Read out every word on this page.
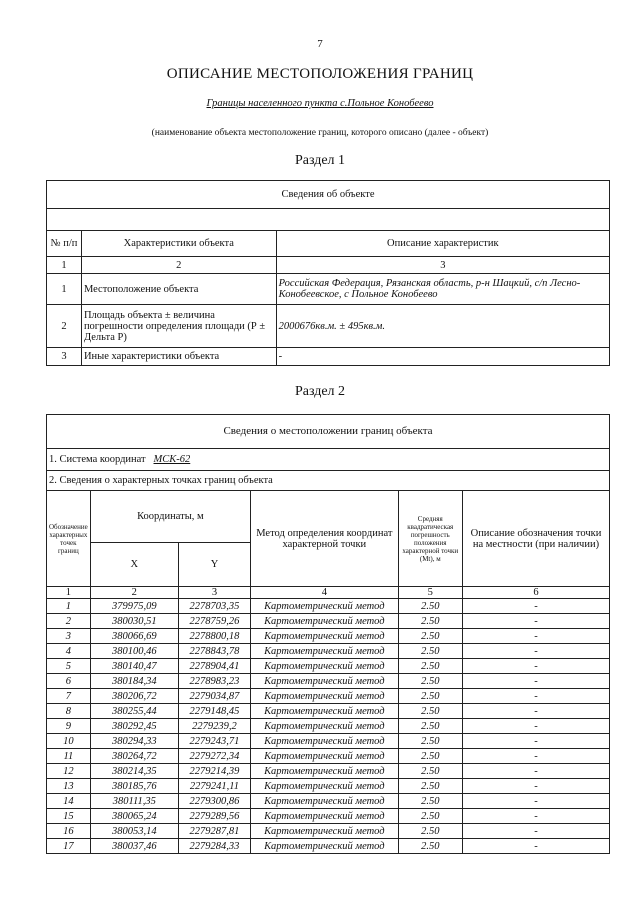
7
ОПИСАНИЕ МЕСТОПОЛОЖЕНИЯ ГРАНИЦ
Границы населенного пункта с.Польное Конобеево
(наименование объекта местоположение границ, которого описано (далее - объект)
Раздел 1
Сведения об объекте		

№ п/п	Характеристики объекта	Описание характеристик
1	2	3
1	Местоположение объекта	Российская Федерация, Рязанская область, р-н Шацкий, с/п Лесно-Конобеевское, с Польное Конобеево
2	Площадь объекта ± величина погрешности определения площади (Р ± Дельта Р)	2000676кв.м. ± 495кв.м.
3	Иные характеристики объекта	-
Раздел 2
Сведения о местоположении границ объекта					
1. Система координат МСК-62					
2. Сведения о характерных точках границ объекта					
Обозначение характерных точек границ	Координаты, м		Метод определения координат характерной точки	Средняя квадратическая погрешность положения характерной точки (Мt), м	Описание обозначения точки на местности (при наличии)
	X	Y			
1	2	3	4	5	6
1	379975,09	2278703,35	Картометрический метод	2.50	-
2	380030,51	2278759,26	Картометрический метод	2.50	-
3	380066,69	2278800,18	Картометрический метод	2.50	-
4	380100,46	2278843,78	Картометрический метод	2.50	-
5	380140,47	2278904,41	Картометрический метод	2.50	-
6	380184,34	2278983,23	Картометрический метод	2.50	-
7	380206,72	2279034,87	Картометрический метод	2.50	-
8	380255,44	2279148,45	Картометрический метод	2.50	-
9	380292,45	2279239,2	Картометрический метод	2.50	-
10	380294,33	2279243,71	Картометрический метод	2.50	-
11	380264,72	2279272,34	Картометрический метод	2.50	-
12	380214,35	2279214,39	Картометрический метод	2.50	-
13	380185,76	2279241,11	Картометрический метод	2.50	-
14	380111,35	2279300,86	Картометрический метод	2.50	-
15	380065,24	2279289,56	Картометрический метод	2.50	-
16	380053,14	2279287,81	Картометрический метод	2.50	-
17	380037,46	2279284,33	Картометрический метод	2.50	-
